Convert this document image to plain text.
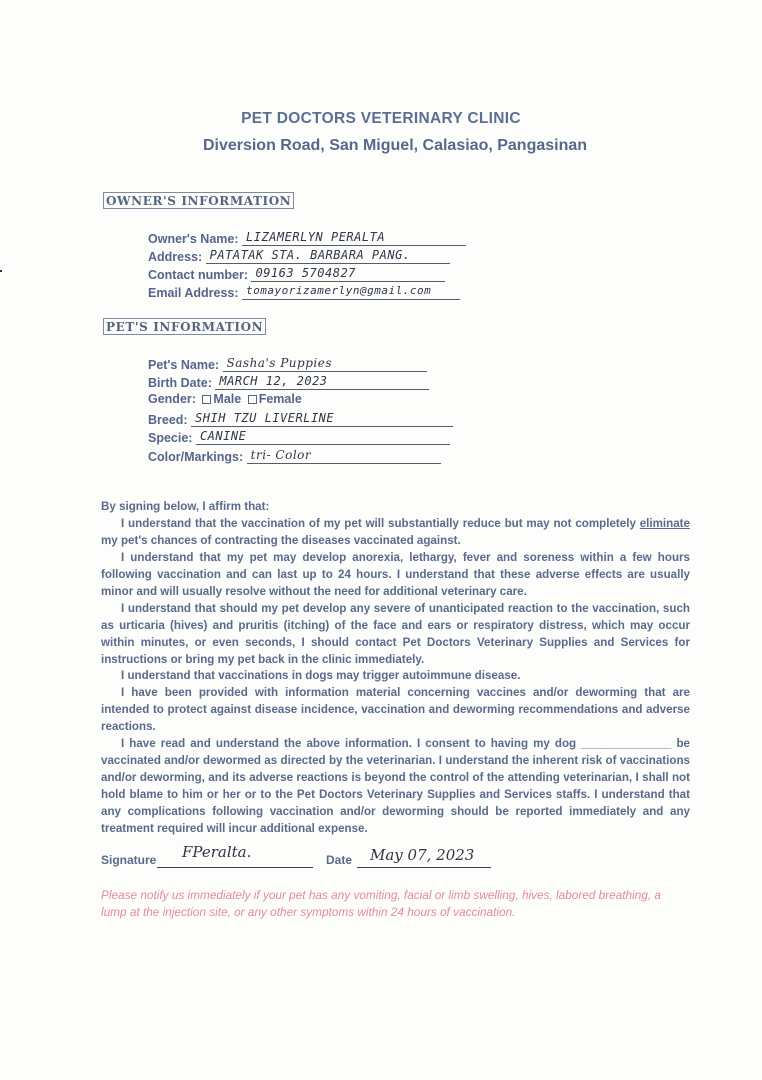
PET DOCTORS VETERINARY CLINIC
Diversion Road, San Miguel, Calasiao, Pangasinan
OWNER'S INFORMATION
Owner's Name: LIZAMERLYN PERALTA
Address: PATATAK STA. BARBARA PANG.
Contact number: 09163 5704827
Email Address: tomayorizamerlyn@gmail.com
PET'S INFORMATION
Pet's Name: Sasha's Puppies
Birth Date: MARCH 12, 2023
Gender: Male Female
Breed: SHIH TZU LIVERLINE
Specie: CANINE
Color/Markings: tri- Color
By signing below, I affirm that:
I understand that the vaccination of my pet will substantially reduce but may not completely eliminate my pet's chances of contracting the diseases vaccinated against.
I understand that my pet may develop anorexia, lethargy, fever and soreness within a few hours following vaccination and can last up to 24 hours. I understand that these adverse effects are usually minor and will usually resolve without the need for additional veterinary care.
I understand that should my pet develop any severe of unanticipated reaction to the vaccination, such as urticaria (hives) and pruritis (itching) of the face and ears or respiratory distress, which may occur within minutes, or even seconds, I should contact Pet Doctors Veterinary Supplies and Services for instructions or bring my pet back in the clinic immediately.
I understand that vaccinations in dogs may trigger autoimmune disease.
I have been provided with information material concerning vaccines and/or deworming that are intended to protect against disease incidence, vaccination and deworming recommendations and adverse reactions.
I have read and understand the above information. I consent to having my dog ______________ be vaccinated and/or dewormed as directed by the veterinarian. I understand the inherent risk of vaccinations and/or deworming, and its adverse reactions is beyond the control of the attending veterinarian, I shall not hold blame to him or her or to the Pet Doctors Veterinary Supplies and Services staffs. I understand that any complications following vaccination and/or deworming should be reported immediately and any treatment required will incur additional expense.
Signature FPeralta.	Date May 07, 2023
Please notify us immediately if your pet has any vomiting, facial or limb swelling, hives, labored breathing, a lump at the injection site, or any other symptoms within 24 hours of vaccination.
